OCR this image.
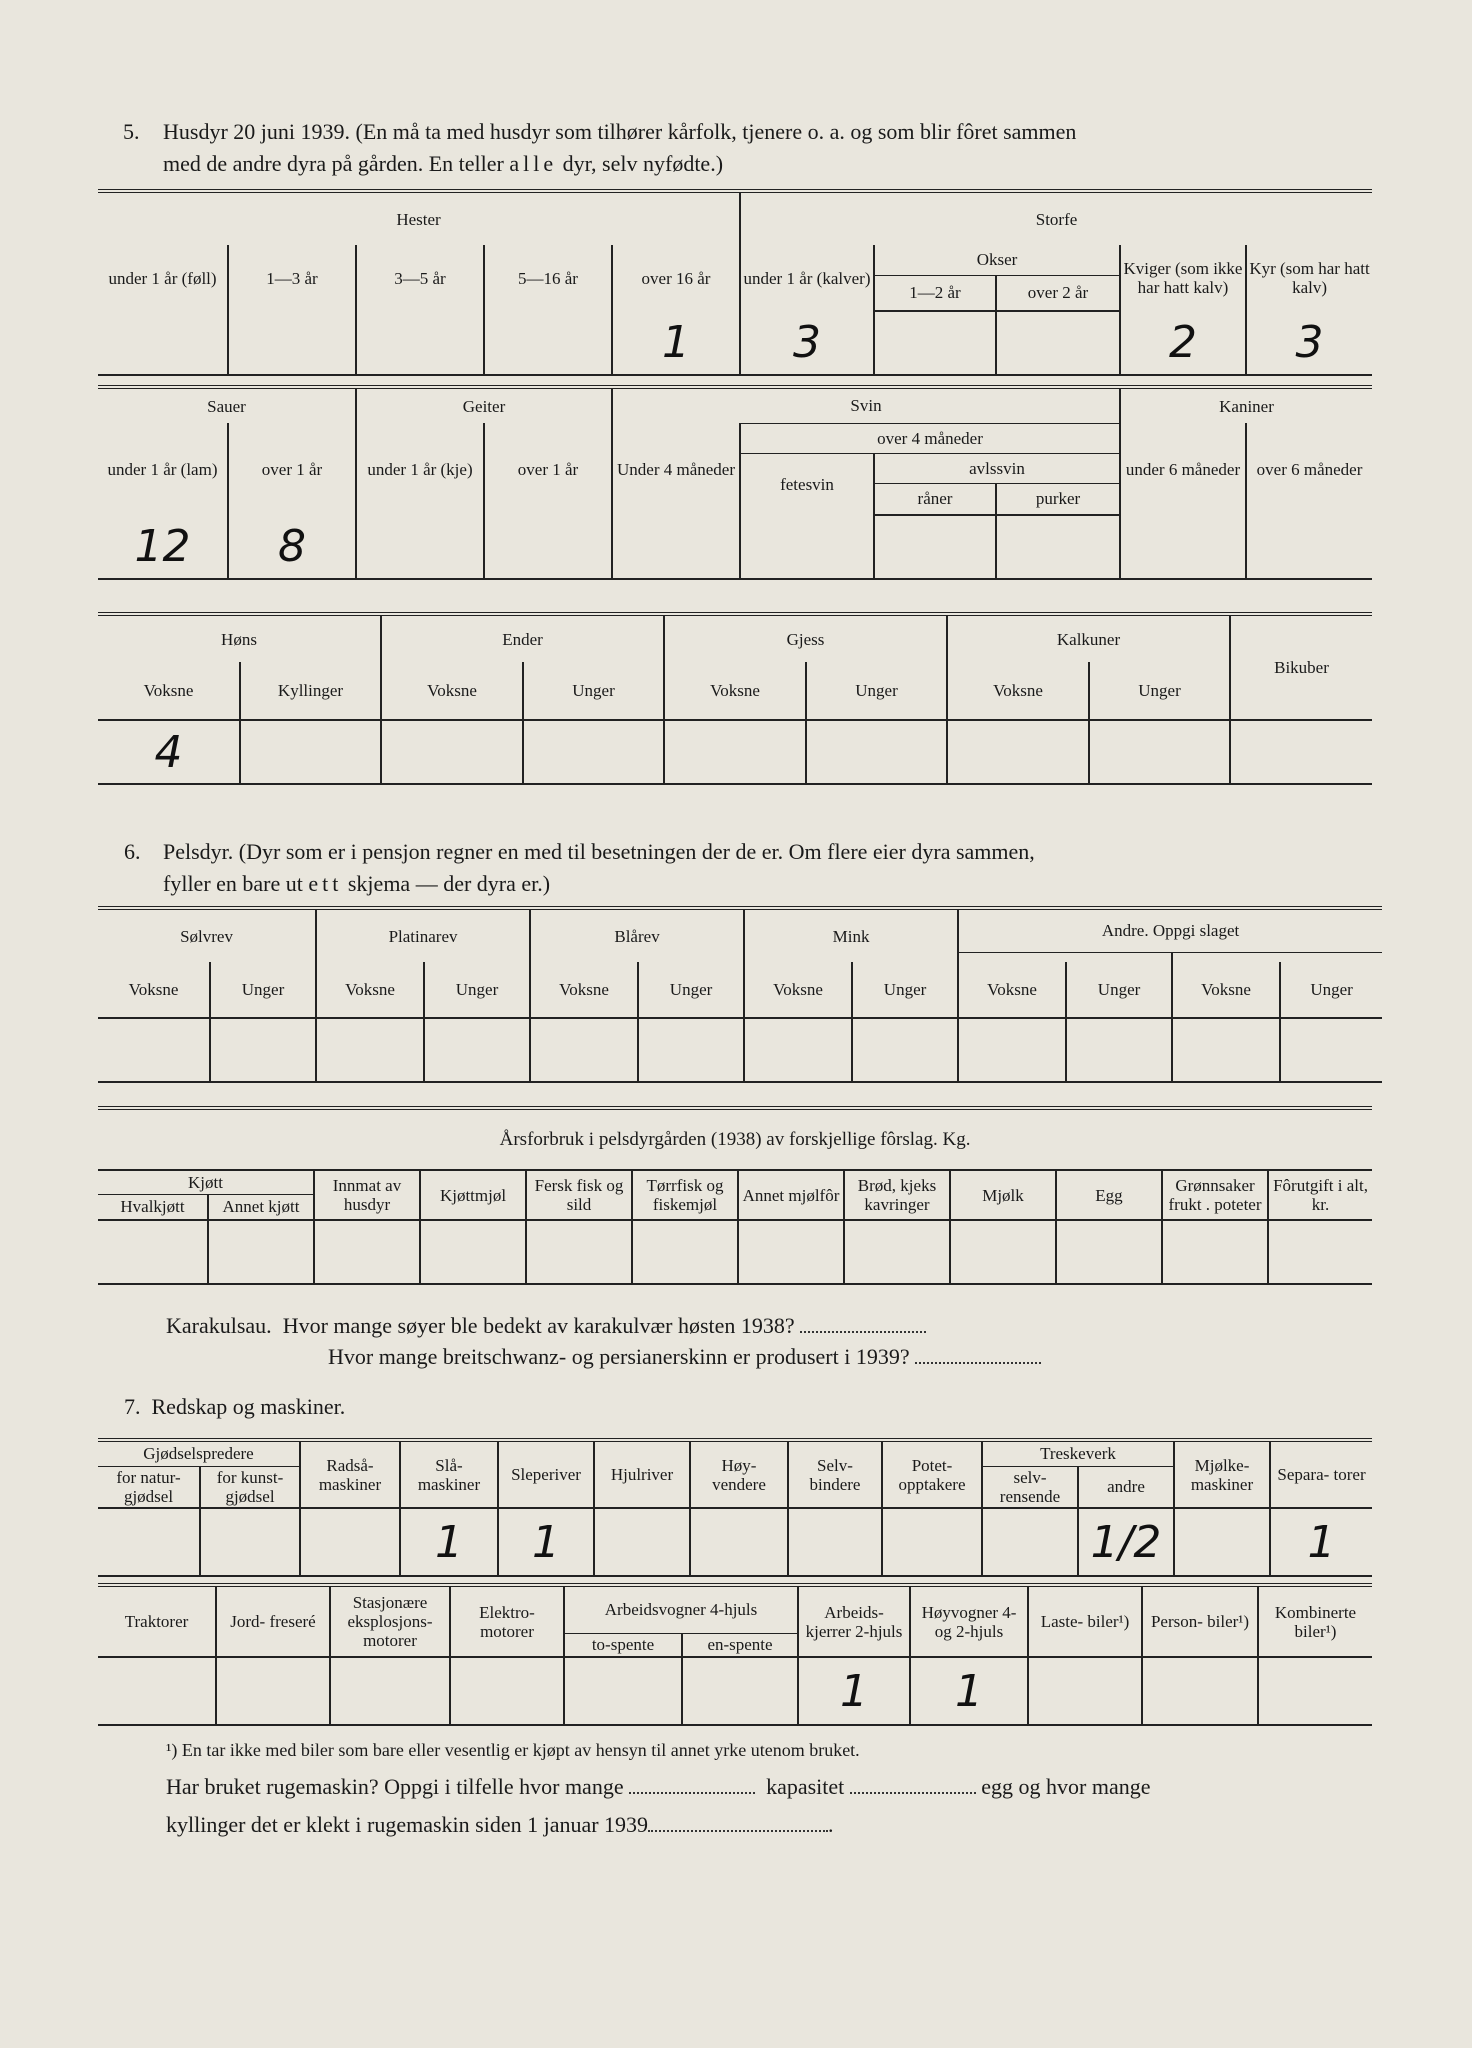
5.	Husdyr 20 juni 1939. (En må ta med husdyr som tilhører kårfolk, tjenere o. a. og som blir fôret sammen
med de andre dyra på gården. En teller alle dyr, selv nyfødte.)
Hester					Storfe				
under 1 år (føll)	1—3 år	3—5 år	5—16 år	over 16 år	under 1 år (kalver)	Okser		Kviger (som ikke har hatt kalv)	Kyr (som har hatt kalv)
						1—2 år	over 2 år		
				1	3			2	3
Sauer		Geiter		Svin				Kaniner	
under 1 år (lam)	over 1 år	under 1 år (kje)	over 1 år	Under 4 måneder	over 4 måneder			under 6 måneder	over 6 måneder
					fetesvin	avlssvin			
						råner	purker		
12	8								
Høns		Ender		Gjess		Kalkuner		Bikuber
Voksne	Kyllinger	Voksne	Unger	Voksne	Unger	Voksne	Unger	
4								
6.	Pelsdyr. (Dyr som er i pensjon regner en med til besetningen der de er. Om flere eier dyra sammen,
fyller en bare ut ett skjema — der dyra er.)
Sølvrev		Platinarev		Blårev		Mink		Andre. Oppgi slaget			

Voksne	Unger	Voksne	Unger	Voksne	Unger	Voksne	Unger	Voksne	Unger	Voksne	Unger

Årsforbruk i pelsdyrgården (1938) av forskjellige fôrslag. Kg.											
Kjøtt		Innmat av husdyr	Kjøttmjøl	Fersk fisk og sild	Tørrfisk og fiskemjøl	Annet mjølfôr	Brød, kjeks kavringer	Mjølk	Egg	Grønnsaker frukt . poteter	Fôrutgift i alt, kr.
Hvalkjøtt	Annet kjøtt										

Karakulsau. Hvor mange søyer ble bedekt av karakulvær høsten 1938?
Hvor mange breitschwanz- og persianerskinn er produsert i 1939?
7. Redskap og maskiner.
Gjødselspredere		Radså- maskiner	Slå- maskiner	Sleperiver	Hjulriver	Høy- vendere	Selv- bindere	Potet- opptakere	Treskeverk		Mjølke- maskiner	Separa- torer
for natur- gjødsel	for kunst- gjødsel								selv- rensende	andre		
			1	1						1/2		1
Traktorer	Jord- freseré	Stasjonære eksplosjons- motorer	Elektro- motorer	Arbeidsvogner 4-hjuls		Arbeids- kjerrer 2-hjuls	Høyvogner 4- og 2-hjuls	Laste- biler¹)	Person- biler¹)	Kombinerte biler¹)
				to-spente	en-spente					
						1	1			
¹) En tar ikke med biler som bare eller vesentlig er kjøpt av hensyn til annet yrke utenom bruket.
Har bruket rugemaskin? Oppgi i tilfelle hvor mange	kapasitet	egg og hvor mange
kyllinger det er klekt i rugemaskin siden 1 januar 1939	.
